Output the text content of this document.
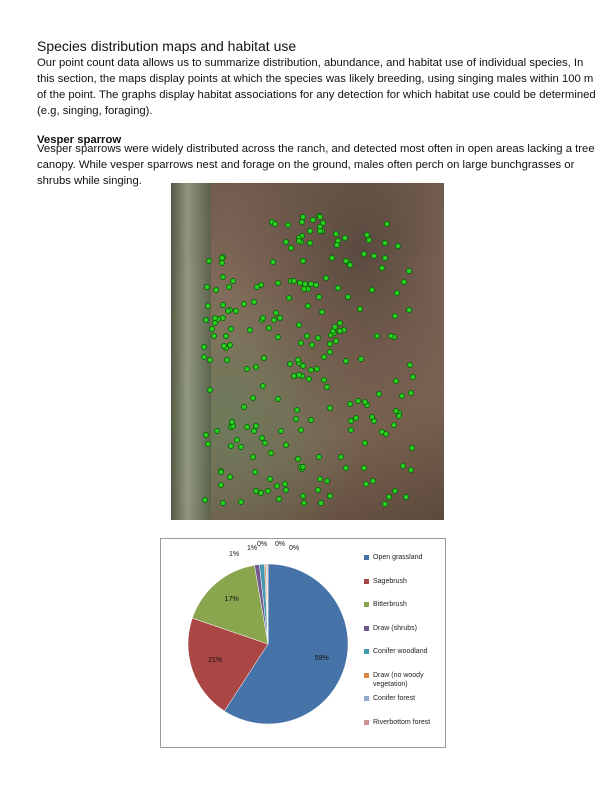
Species distribution maps and habitat use
Our point count data allows us to summarize distribution, abundance, and habitat use of individual species, In this section, the maps display points at which the species was likely breeding, using singing males within 100 m of the point. The graphs display habitat associations for any detection for which habitat use could be determined (e.g, singing, foraging).
Vesper sparrow
Vesper sparrows were widely distributed across the ranch, and detected most often in open areas lacking a tree canopy. While vesper sparrows nest and forage on the ground, males often perch on large bunchgrasses or shrubs while singing.
Open grassland
Sagebrush
Bitterbrush
Draw (shrubs)
Conifer woodland
Draw (no woody vegetation)
Conifer forest
Riverbottom forest
59%
21%
17%
1%
1%
0% 0%
0%
